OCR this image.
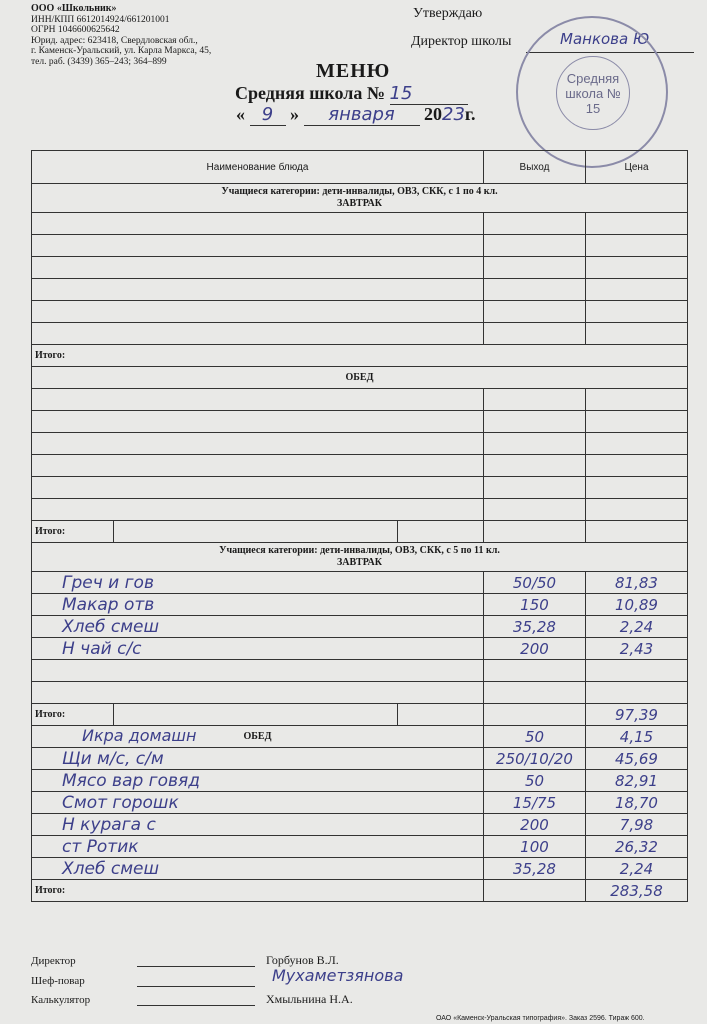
ООО «Школьник»
ИНН/КПП 6612014924/661201001
ОГРН 1046600625642
Юрид. адрес: 623418, Свердловская обл.,
г. Каменск-Уральский, ул. Карла Маркса, 45,
тел. раб. (3439) 365–243; 364–899
Утверждаю
Директор школы	Манкова Ю
Средняя школа № 15
МЕНЮ
Средняя школа № 15
« 9 » января 2023г.
Наименование блюда			Выход	Цена

Учащиеся категории: дети-инвалиды, ОВЗ, СКК, с 1 по 4 кл.
ЗАВТРАК				

Итого:				
ОБЕД				

Итого:				

Учащиеся категории: дети-инвалиды, ОВЗ, СКК, с 5 по 11 кл.
ЗАВТРАК				

Греч и гов			50/50	81,83
Макар отв			150	10,89
Хлеб смеш			35,28	2,24
Н чай с/с			200	2,43

Итого:				97,39

Икра домашн ОБЕД			50	4,15
Щи м/с, с/м			250/10/20	45,69
Мясо вар говяд			50	82,91
Смот горошк			15/75	18,70
Н курага с			200	7,98
ст Ротик			100	26,32
Хлеб смеш			35,28	2,24
Итого:				283,58
Директор	Горбунов В.Л.
Шеф-повар	Мухаметзянова
Калькулятор	Хмыльнина Н.А.
ОАО «Каменск-Уральская типография». Заказ 2596. Тираж 600.
